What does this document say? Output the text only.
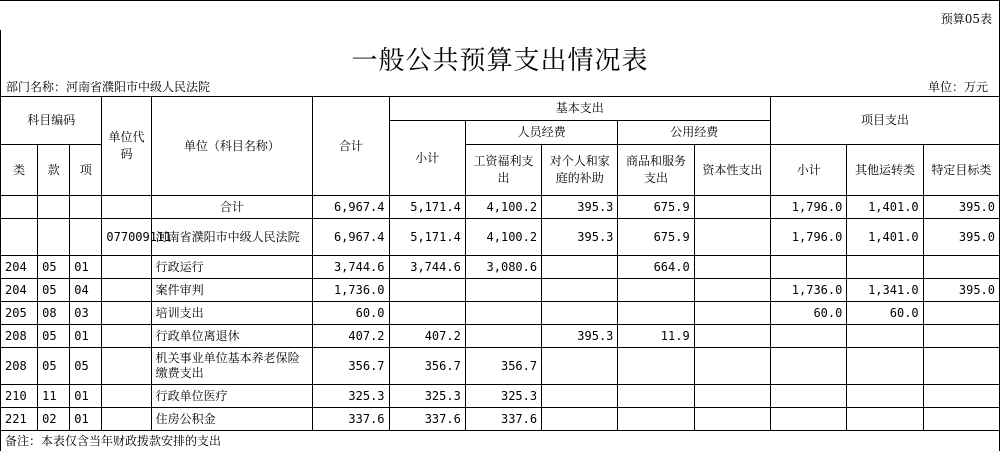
预算05表
一般公共预算支出情况表
部门名称：河南省濮阳市中级人民法院	单位：万元
科目编码			单位代码	单位（科目名称）	合计	基本支出					项目支出		
						小计	人员经费		公用经费				
类	款	项					工资福利支出	对个人和家庭的补助	商品和服务支出	资本性支出	小计	其他运转类	特定目标类

				合计	6,967.4	5,171.4	4,100.2	395.3	675.9		1,796.0	1,401.0	395.0
			077009111	河南省濮阳市中级人民法院	6,967.4	5,171.4	4,100.2	395.3	675.9		1,796.0	1,401.0	395.0
204	05	01		行政运行	3,744.6	3,744.6	3,080.6		664.0				
204	05	04		案件审判	1,736.0						1,736.0	1,341.0	395.0
205	08	03		培训支出	60.0						60.0	60.0	
208	05	01		行政单位离退休	407.2	407.2		395.3	11.9				
208	05	05		机关事业单位基本养老保险缴费支出	356.7	356.7	356.7						
210	11	01		行政单位医疗	325.3	325.3	325.3						
221	02	01		住房公积金	337.6	337.6	337.6						
备注：本表仅含当年财政拨款安排的支出													
